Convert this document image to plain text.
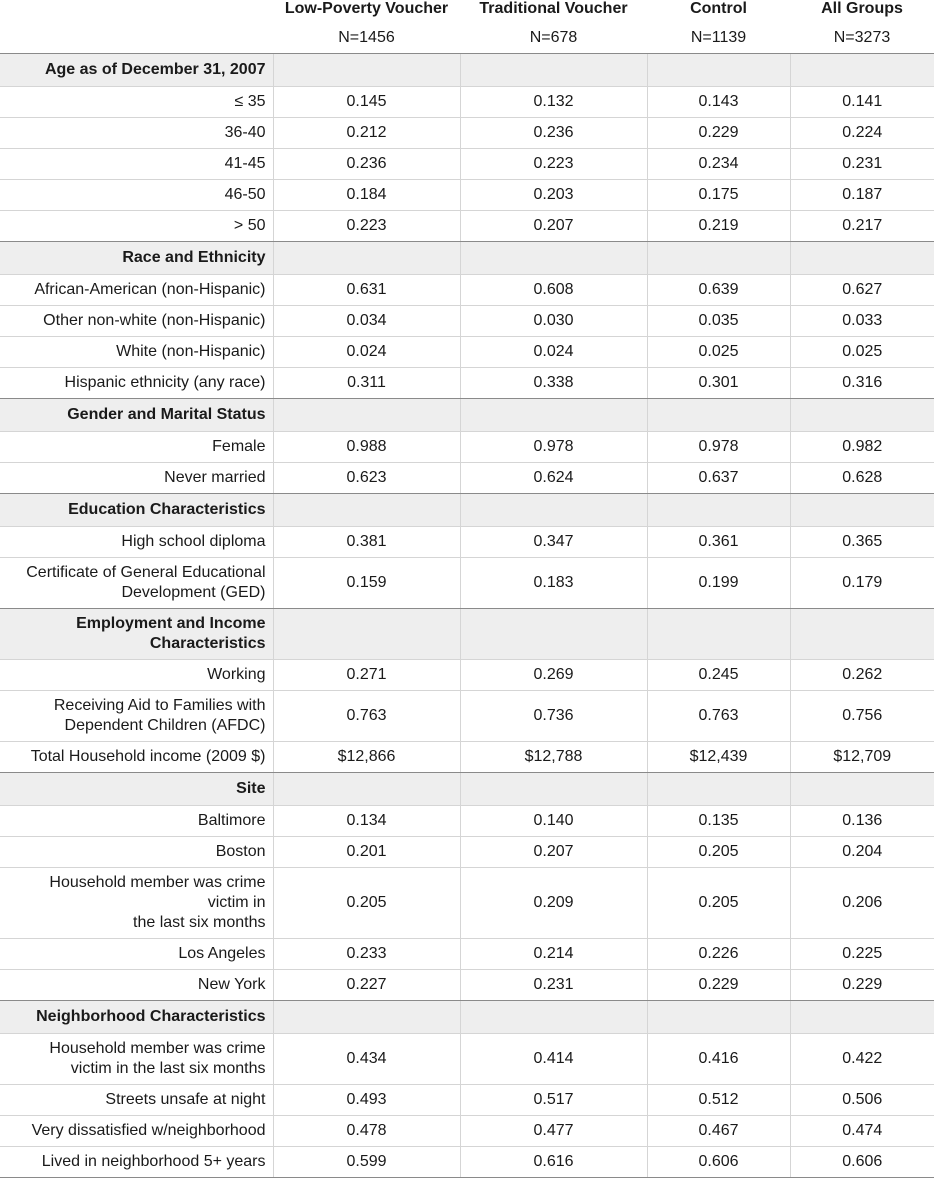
	Low-Poverty Voucher	Traditional Voucher	Control	All Groups
	N=1456	N=678	N=1139	N=3273
Age as of December 31, 2007				
≤ 35	0.145	0.132	0.143	0.141
36-40	0.212	0.236	0.229	0.224
41-45	0.236	0.223	0.234	0.231
46-50	0.184	0.203	0.175	0.187
> 50	0.223	0.207	0.219	0.217
Race and Ethnicity				
African-American (non-Hispanic)	0.631	0.608	0.639	0.627
Other non-white (non-Hispanic)	0.034	0.030	0.035	0.033
White (non-Hispanic)	0.024	0.024	0.025	0.025
Hispanic ethnicity (any race)	0.311	0.338	0.301	0.316
Gender and Marital Status				
Female	0.988	0.978	0.978	0.982
Never married	0.623	0.624	0.637	0.628
Education Characteristics				
High school diploma	0.381	0.347	0.361	0.365
Certificate of General Educational
Development (GED)	0.159	0.183	0.199	0.179
Employment and Income
Characteristics				
Working	0.271	0.269	0.245	0.262
Receiving Aid to Families with
Dependent Children (AFDC)	0.763	0.736	0.763	0.756
Total Household income (2009 $)	$12,866	$12,788	$12,439	$12,709
Site				
Baltimore	0.134	0.140	0.135	0.136
Boston	0.201	0.207	0.205	0.204
Household member was crime
victim in
the last six months	0.205	0.209	0.205	0.206
Los Angeles	0.233	0.214	0.226	0.225
New York	0.227	0.231	0.229	0.229
Neighborhood Characteristics				
Household member was crime
victim in the last six months	0.434	0.414	0.416	0.422
Streets unsafe at night	0.493	0.517	0.512	0.506
Very dissatisfied w/neighborhood	0.478	0.477	0.467	0.474
Lived in neighborhood 5+ years	0.599	0.616	0.606	0.606
